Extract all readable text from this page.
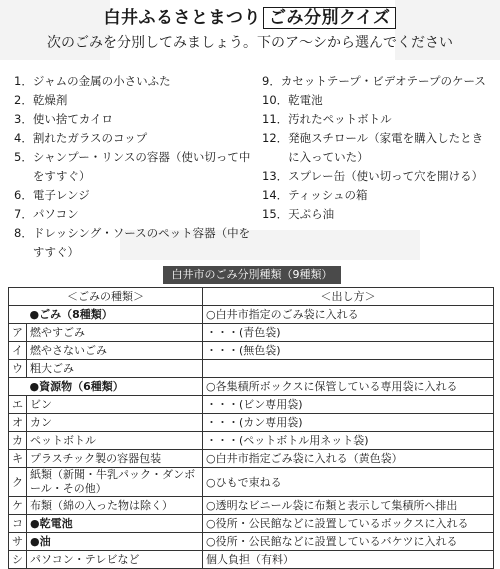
白井ふるさとまつり ごみ分別クイズ
次のごみを分別してみましょう。下のア～シから選んでください
1． ジャムの金属の小さいふた
2． 乾燥剤
3． 使い捨てカイロ
4． 割れたガラスのコップ
5． シャンプー・リンスの容器（使い切って中をすすぐ）
6． 電子レンジ
7． パソコン
8． ドレッシング・ソースのペット容器（中をすすぐ）
9． カセットテープ・ビデオテープのケース
10． 乾電池
11． 汚れたペットボトル
12． 発砲スチロール（家電を購入したときに入っていた）
13． スプレー缶（使い切って穴を開ける）
14． ティッシュの箱
15． 天ぷら油
白井市のごみ分別種類（9種類）
＜ごみの種類＞		＜出し方＞
	●ごみ（8種類）	○白井市指定のごみ袋に入れる
ア	燃やすごみ	・・・(青色袋)
イ	燃やさないごみ	・・・(無色袋)
ウ	粗大ごみ	
	●資源物（6種類）	○各集積所ボックスに保管している専用袋に入れる
エ	ビン	・・・(ビン専用袋)
オ	カン	・・・(カン専用袋)
カ	ペットボトル	・・・(ペットボトル用ネット袋)
キ	プラスチック製の容器包装	○白井市指定ごみ袋に入れる（黄色袋）
ク	紙類（新聞・牛乳パック・ダンボール・その他）	○ひもで束ねる
ケ	布類（綿の入った物は除く）	○透明なビニール袋に布類と表示して集積所へ排出
コ	●乾電池	○役所・公民館などに設置しているボックスに入れる
サ	●油	○役所・公民館などに設置しているバケツに入れる
シ	パソコン・テレビなど	個人負担（有料）
